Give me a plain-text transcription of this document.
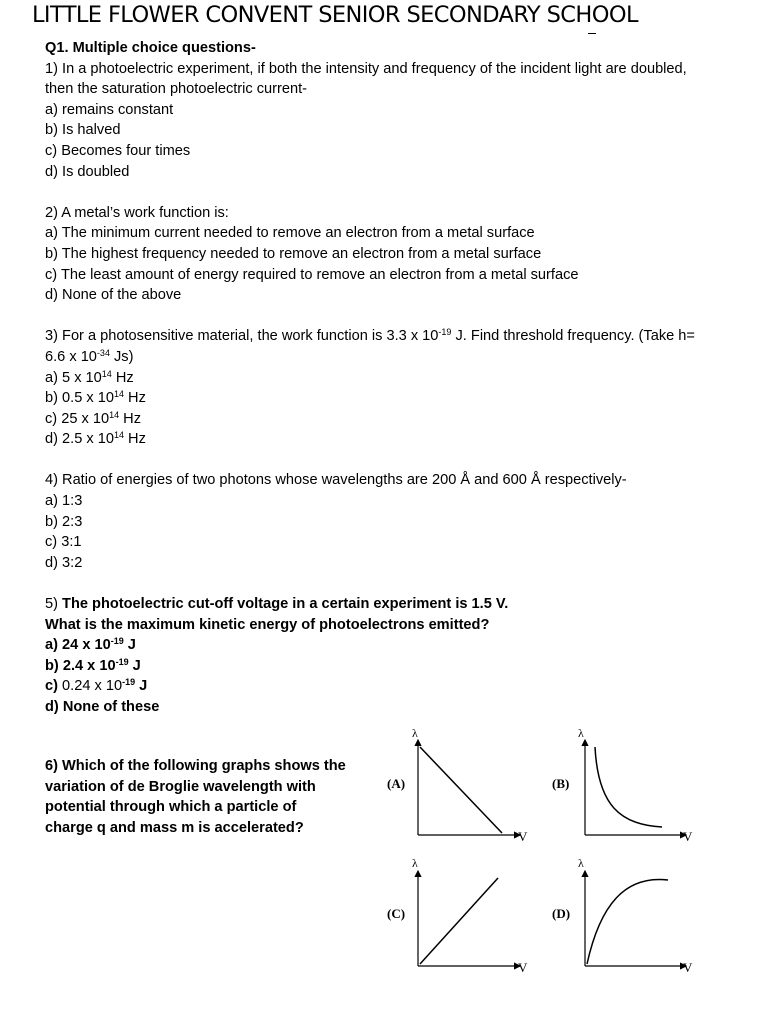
LITTLE FLOWER CONVENT SENIOR SECONDARY SCHOOL
Q1. Multiple choice questions-
1) In a photoelectric experiment, if both the intensity and frequency of the incident light are doubled,
then the saturation photoelectric current-
a) remains constant
b) Is halved
c) Becomes four times
d) Is doubled
2) A metal’s work function is:
a) The minimum current needed to remove an electron from a metal surface
b) The highest frequency needed to remove an electron from a metal surface
c) The least amount of energy required to remove an electron from a metal surface
d) None of the above
3) For a photosensitive material, the work function is 3.3 x $10^{-19}$ J. Find threshold frequency. (Take h=
6.6 x $10^{-34}$ Js)
a) 5 x $10^{14}$ Hz
b) 0.5 x $10^{14}$ Hz
c) 25 x $10^{14}$ Hz
d) 2.5 x $10^{14}$ Hz
4) Ratio of energies of two photons whose wavelengths are 200 Å and 600 Å respectively-
a) 1:3
b) 2:3
c) 3:1
d) 3:2
5) The photoelectric cut-off voltage in a certain experiment is 1.5 V.
What is the maximum kinetic energy of photoelectrons emitted?
a) 24 x $10^{-19}$ J
b) 2.4 x $10^{-19}$ J
c) 0.24 x $10^{-19}$ J
d) None of these
6) Which of the following graphs shows the
variation of de Broglie wavelength with
potential through which a particle of
charge q and mass m is accelerated?
λ
V
(A)
λ
V
(B)
λ
V
(C)
λ
V
(D)
